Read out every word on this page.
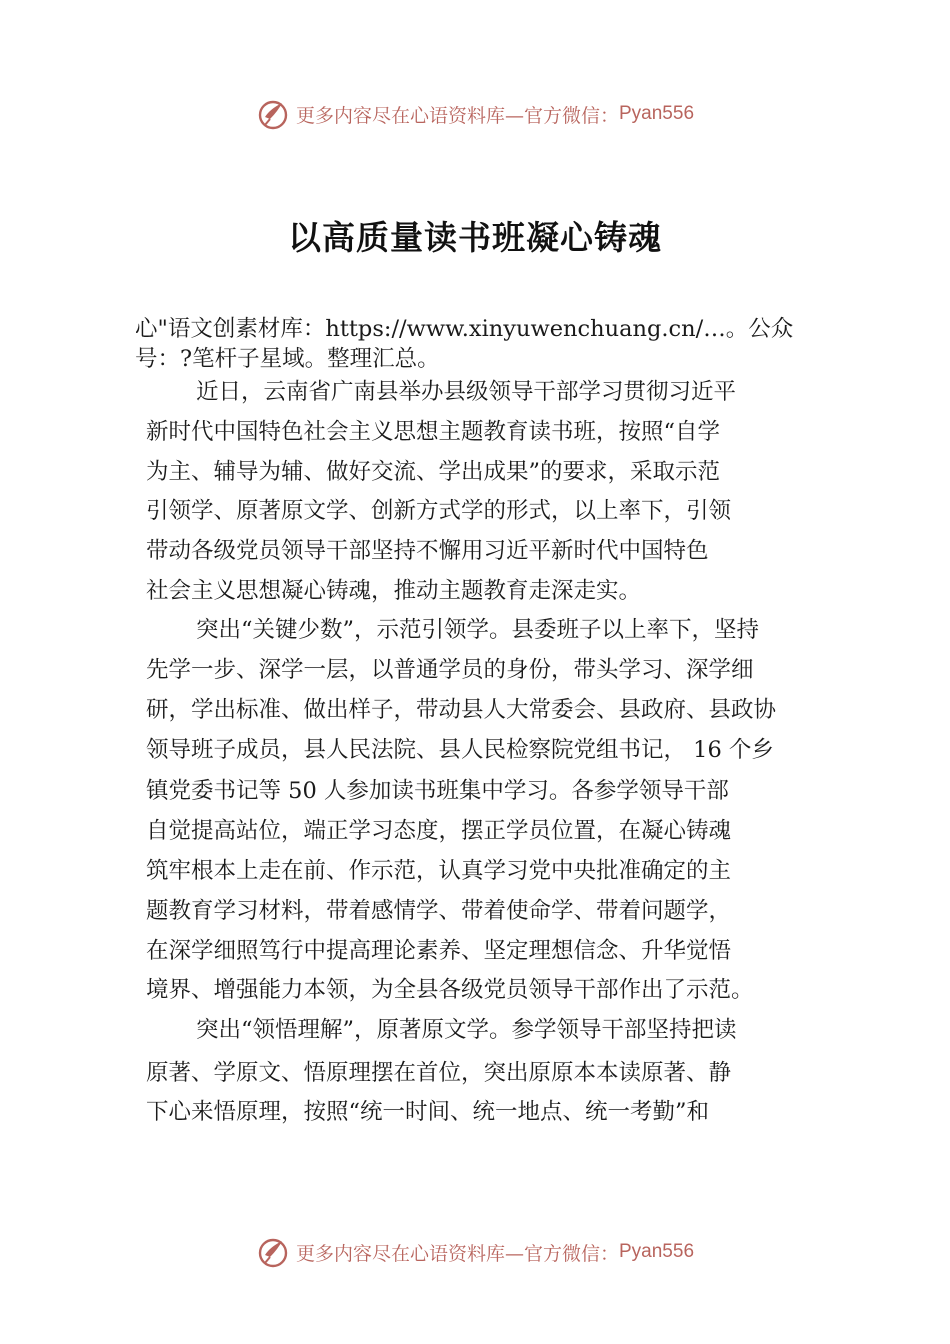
更多内容尽在心语资料库—官方微信： Pyan556
以高质量读书班凝心铸魂
心"语文创素材库：https://www.xinyuwenchuang.cn/…。公众
号：?笔杆子星域。整理汇总。
近日，云南省广南县举办县级领导干部学习贯彻习近平
新时代中国特色社会主义思想主题教育读书班，按照“自学
为主、辅导为辅、做好交流、学出成果”的要求，采取示范
引领学、原著原文学、创新方式学的形式，以上率下，引领
带动各级党员领导干部坚持不懈用习近平新时代中国特色
社会主义思想凝心铸魂，推动主题教育走深走实。
突出“关键少数”，示范引领学。县委班子以上率下，坚持
先学一步、深学一层，以普通学员的身份，带头学习、深学细
研，学出标准、做出样子，带动县人大常委会、县政府、县政协
领导班子成员，县人民法院、县人民检察院党组书记， 16 个乡
镇党委书记等 50 人参加读书班集中学习。各参学领导干部
自觉提高站位，端正学习态度，摆正学员位置，在凝心铸魂
筑牢根本上走在前、作示范，认真学习党中央批准确定的主
题教育学习材料，带着感情学、带着使命学、带着问题学，
在深学细照笃行中提高理论素养、坚定理想信念、升华觉悟
境界、增强能力本领，为全县各级党员领导干部作出了示范。
突出“领悟理解”，原著原文学。参学领导干部坚持把读
原著、学原文、悟原理摆在首位，突出原原本本读原著、静
下心来悟原理，按照“统一时间、统一地点、统一考勤”和
更多内容尽在心语资料库—官方微信： Pyan556
